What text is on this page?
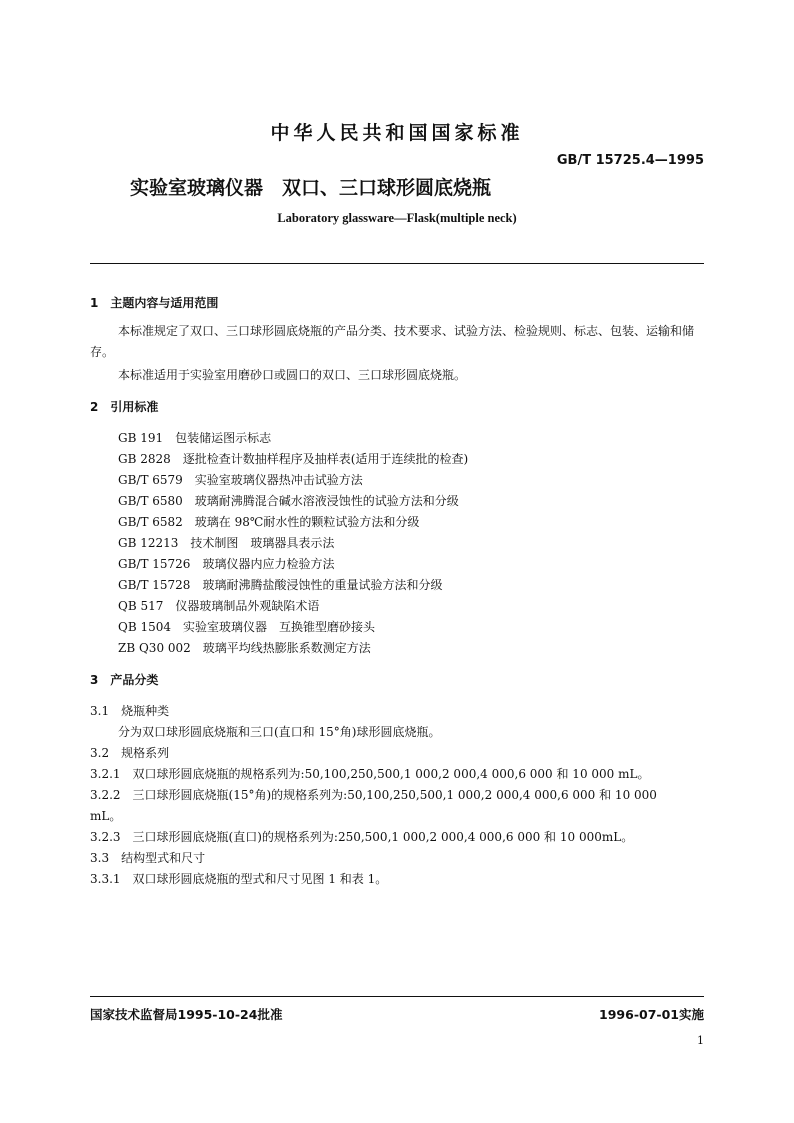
中华人民共和国国家标准
GB/T 15725.4—1995
实验室玻璃仪器　双口、三口球形圆底烧瓶
Laboratory glassware—Flask(multiple neck)
1　主题内容与适用范围
本标准规定了双口、三口球形圆底烧瓶的产品分类、技术要求、试验方法、检验规则、标志、包装、运输和储存。
本标准适用于实验室用磨砂口或圆口的双口、三口球形圆底烧瓶。
2　引用标准
GB 191　包装储运图示标志
GB 2828　逐批检查计数抽样程序及抽样表(适用于连续批的检查)
GB/T 6579　实验室玻璃仪器热冲击试验方法
GB/T 6580　玻璃耐沸腾混合碱水溶液浸蚀性的试验方法和分级
GB/T 6582　玻璃在 98℃耐水性的颗粒试验方法和分级
GB 12213　技术制图　玻璃器具表示法
GB/T 15726　玻璃仪器内应力检验方法
GB/T 15728　玻璃耐沸腾盐酸浸蚀性的重量试验方法和分级
QB 517　仪器玻璃制品外观缺陷术语
QB 1504　实验室玻璃仪器　互换锥型磨砂接头
ZB Q30 002　玻璃平均线热膨胀系数测定方法
3　产品分类
3.1　烧瓶种类
分为双口球形圆底烧瓶和三口(直口和 15°角)球形圆底烧瓶。
3.2　规格系列
3.2.1　双口球形圆底烧瓶的规格系列为:50,100,250,500,1 000,2 000,4 000,6 000 和 10 000 mL。
3.2.2　三口球形圆底烧瓶(15°角)的规格系列为:50,100,250,500,1 000,2 000,4 000,6 000 和 10 000
mL。
3.2.3　三口球形圆底烧瓶(直口)的规格系列为:250,500,1 000,2 000,4 000,6 000 和 10 000mL。
3.3　结构型式和尺寸
3.3.1　双口球形圆底烧瓶的型式和尺寸见图 1 和表 1。
国家技术监督局1995-10-24批准	1996-07-01实施
1
